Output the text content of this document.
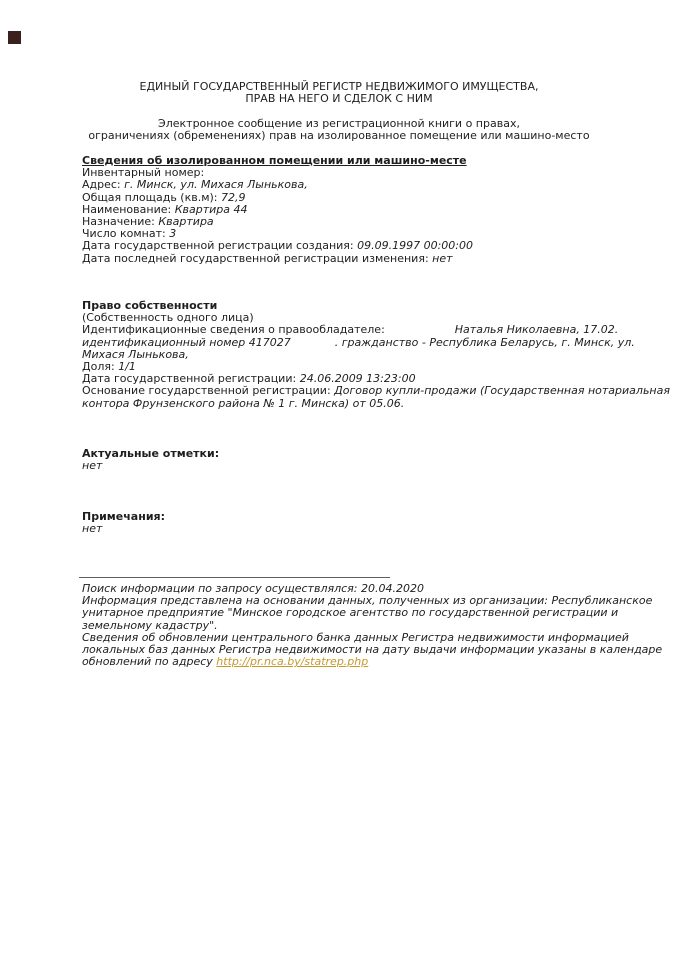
ЕДИНЫЙ ГОСУДАРСТВЕННЫЙ РЕГИСТР НЕДВИЖИМОГО ИМУЩЕСТВА,
ПРАВ НА НЕГО И СДЕЛОК С НИМ
Электронное сообщение из регистрационной книги о правах,
ограничениях (обременениях) прав на изолированное помещение или машино-место
Сведения об изолированном помещении или машино-месте
Инвентарный номер:
Адрес: г. Минск, ул. Михася Лынькова,
Общая площадь (кв.м): 72,9
Наименование: Квартира 44
Назначение: Квартира
Число комнат: 3
Дата государственной регистрации создания: 09.09.1997 00:00:00
Дата последней государственной регистрации изменения: нет
Право собственности
(Собственность одного лица)
Идентификационные сведения о правообладателе:	Наталья Николаевна, 17.02.
идентификационный номер 417027	. гражданство - Республика Беларусь, г. Минск, ул.
Михася Лынькова,
Доля: 1/1
Дата государственной регистрации: 24.06.2009 13:23:00
Основание государственной регистрации: Договор купли-продажи (Государственная нотариальная
контора Фрунзенского района № 1 г. Минска) от 05.06.
Актуальные отметки:
нет
Примечания:
нет
Поиск информации по запросу осуществлялся: 20.04.2020
Информация представлена на основании данных, полученных из организации: Республиканское
унитарное предприятие "Минское городское агентство по государственной регистрации и
земельному кадастру".
Сведения об обновлении центрального банка данных Регистра недвижимости информацией
локальных баз данных Регистра недвижимости на дату выдачи информации указаны в календаре
обновлений по адресу http://pr.nca.by/statrep.php
